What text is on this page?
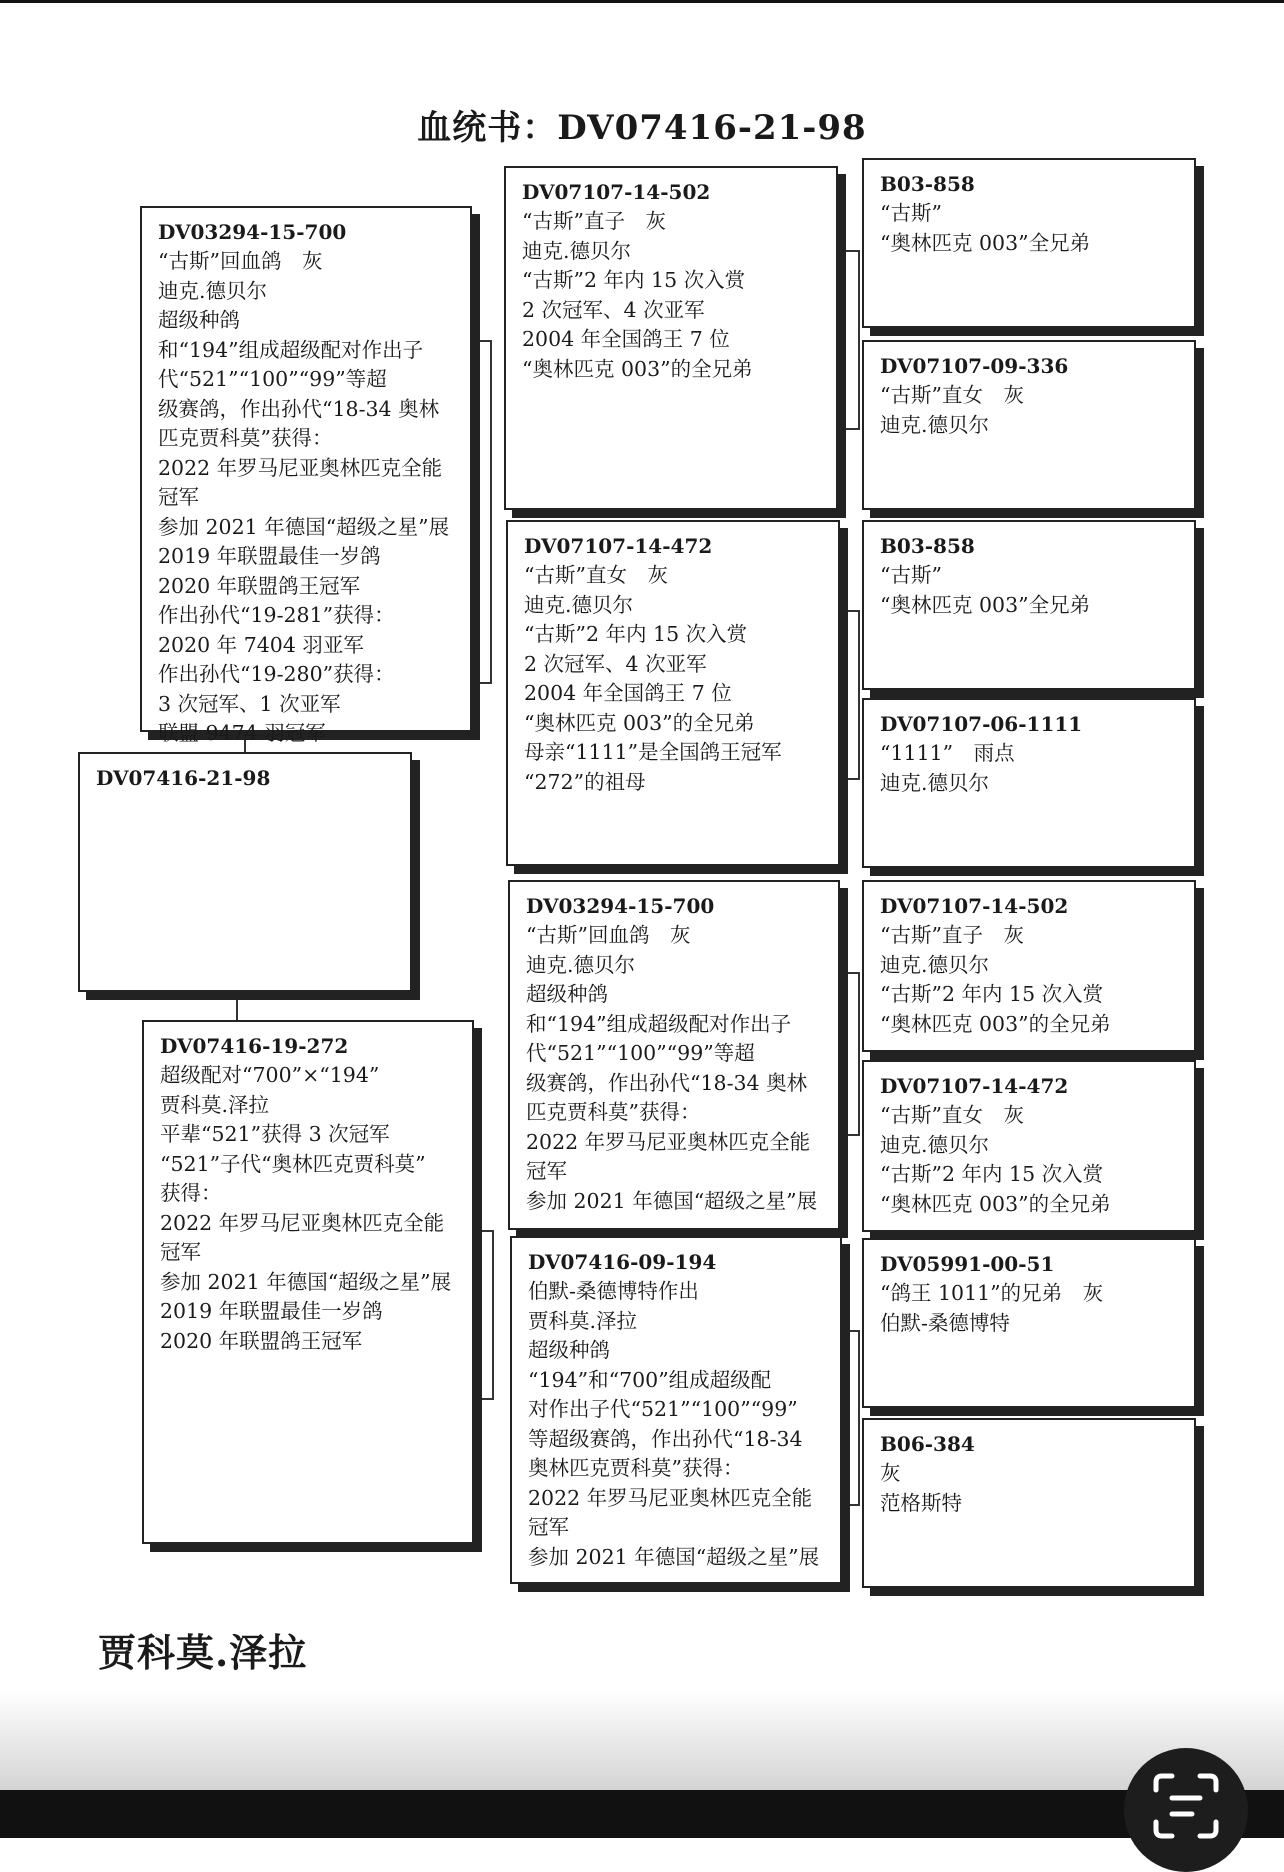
血统书：DV07416-21-98
DV07416-21-98
DV03294-15-700
“古斯”回血鸽　灰
迪克.德贝尔
超级种鸽
和“194”组成超级配对作出子
代“521”“100”“99”等超
级赛鸽，作出孙代“18-34 奥林
匹克贾科莫”获得：
2022 年罗马尼亚奥林匹克全能
冠军
参加 2021 年德国“超级之星”展
2019 年联盟最佳一岁鸽
2020 年联盟鸽王冠军
作出孙代“19-281”获得：
2020 年 7404 羽亚军
作出孙代“19-280”获得：
3 次冠军、1 次亚军
联盟 9474 羽冠军
DV07416-19-272
超级配对“700”×“194”
贾科莫.泽拉
平辈“521”获得 3 次冠军
“521”子代“奥林匹克贾科莫”
获得：
2022 年罗马尼亚奥林匹克全能
冠军
参加 2021 年德国“超级之星”展
2019 年联盟最佳一岁鸽
2020 年联盟鸽王冠军
DV07107-14-502
“古斯”直子　灰
迪克.德贝尔
“古斯”2 年内 15 次入赏
2 次冠军、4 次亚军
2004 年全国鸽王 7 位
“奥林匹克 003”的全兄弟
DV07107-14-472
“古斯”直女　灰
迪克.德贝尔
“古斯”2 年内 15 次入赏
2 次冠军、4 次亚军
2004 年全国鸽王 7 位
“奥林匹克 003”的全兄弟
母亲“1111”是全国鸽王冠军
“272”的祖母
DV03294-15-700
“古斯”回血鸽　灰
迪克.德贝尔
超级种鸽
和“194”组成超级配对作出子
代“521”“100”“99”等超
级赛鸽，作出孙代“18-34 奥林
匹克贾科莫”获得：
2022 年罗马尼亚奥林匹克全能
冠军
参加 2021 年德国“超级之星”展
DV07416-09-194
伯默-桑德博特作出
贾科莫.泽拉
超级种鸽
“194”和“700”组成超级配
对作出子代“521”“100”“99”
等超级赛鸽，作出孙代“18-34
奥林匹克贾科莫”获得：
2022 年罗马尼亚奥林匹克全能
冠军
参加 2021 年德国“超级之星”展
B03-858
“古斯”
“奥林匹克 003”全兄弟
DV07107-09-336
“古斯”直女　灰
迪克.德贝尔
B03-858
“古斯”
“奥林匹克 003”全兄弟
DV07107-06-1111
“1111”　雨点
迪克.德贝尔
DV07107-14-502
“古斯”直子　灰
迪克.德贝尔
“古斯”2 年内 15 次入赏
“奥林匹克 003”的全兄弟
DV07107-14-472
“古斯”直女　灰
迪克.德贝尔
“古斯”2 年内 15 次入赏
“奥林匹克 003”的全兄弟
DV05991-00-51
“鸽王 1011”的兄弟　灰
伯默-桑德博特
B06-384
灰
范格斯特
贾科莫.泽拉
